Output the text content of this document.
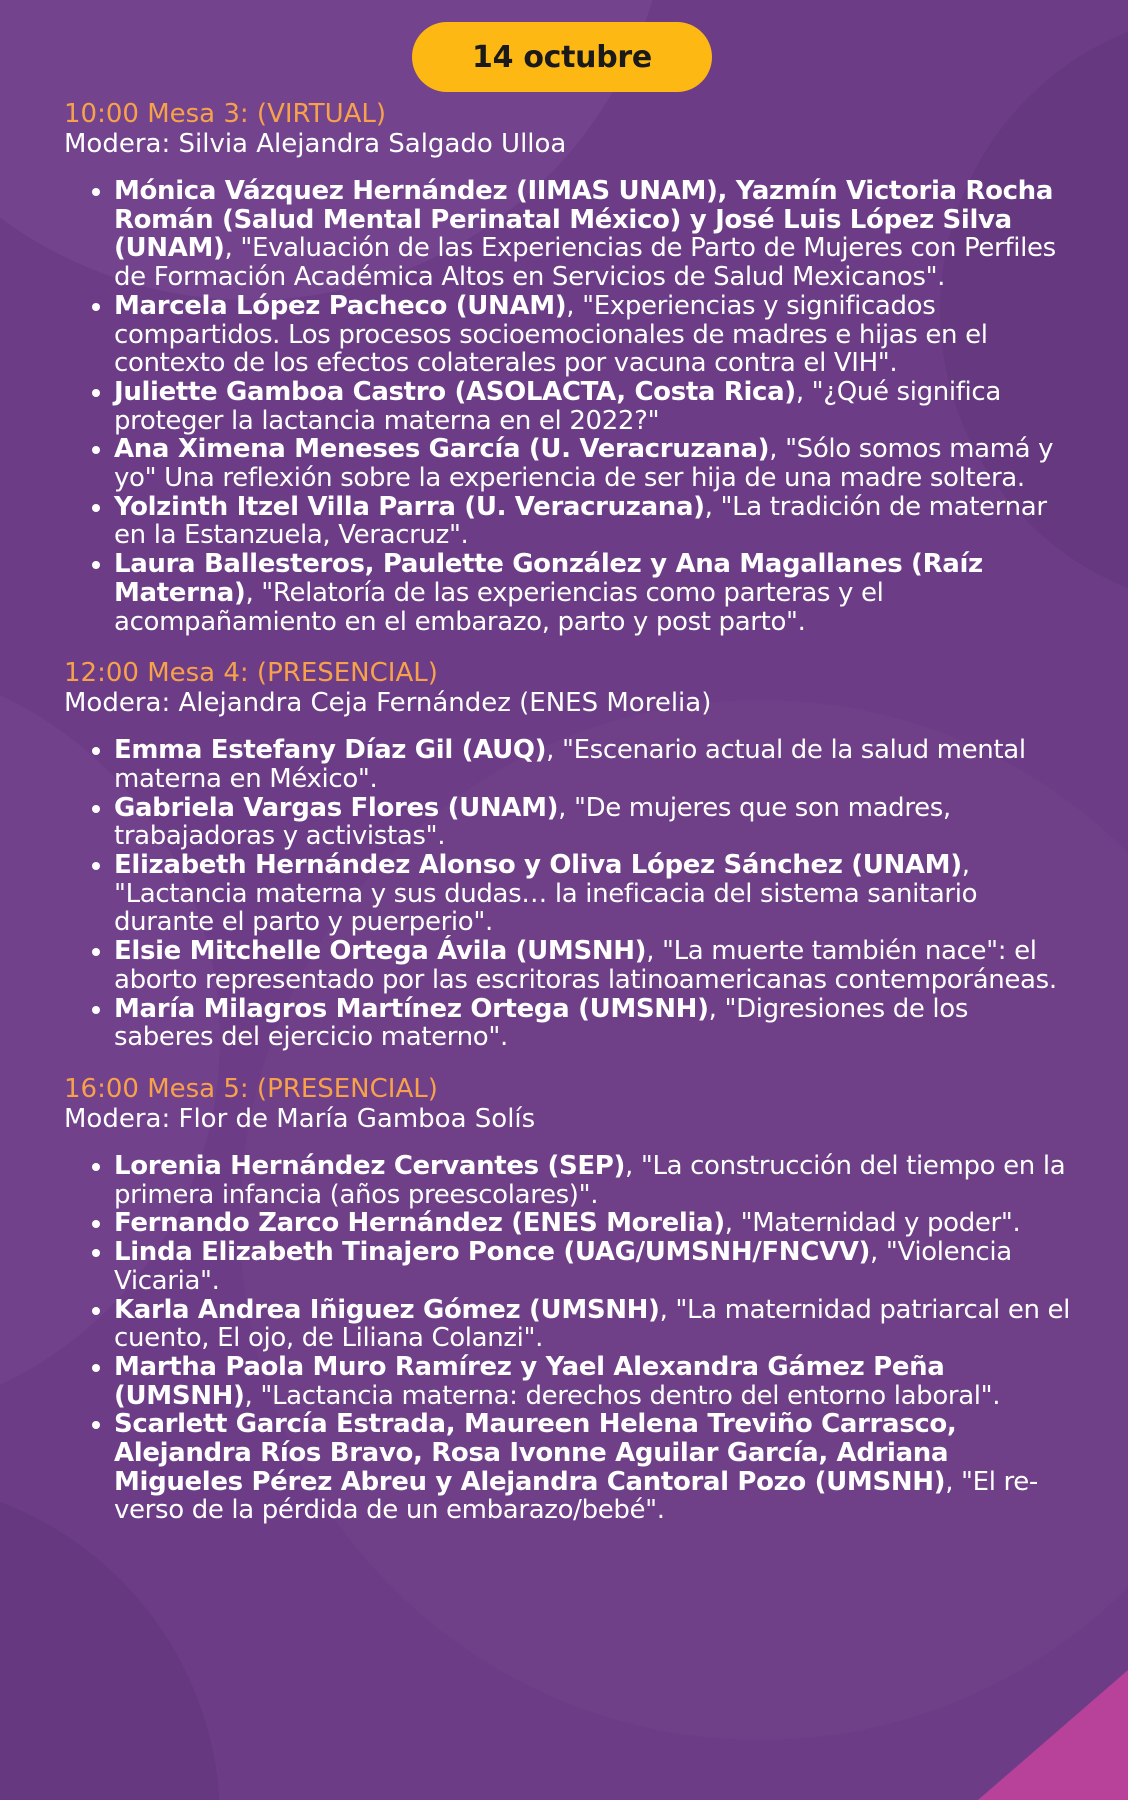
14 octubre
10:00 Mesa 3: (VIRTUAL)
Modera: Silvia Alejandra Salgado Ulloa
• Mónica Vázquez Hernández (IIMAS UNAM), Yazmín Victoria Rocha Román (Salud Mental Perinatal México) y José Luis López Silva (UNAM), "Evaluación de las Experiencias de Parto de Mujeres con Perfiles de Formación Académica Altos en Servicios de Salud Mexicanos".
• Marcela López Pacheco (UNAM), "Experiencias y significados compartidos. Los procesos socioemocionales de madres e hijas en el contexto de los efectos colaterales por vacuna contra el VIH".
• Juliette Gamboa Castro (ASOLACTA, Costa Rica), "¿Qué significa proteger la lactancia materna en el 2022?"
• Ana Ximena Meneses García (U. Veracruzana), "Sólo somos mamá y yo" Una reflexión sobre la experiencia de ser hija de una madre soltera.
• Yolzinth Itzel Villa Parra (U. Veracruzana), "La tradición de maternar en la Estanzuela, Veracruz".
• Laura Ballesteros, Paulette González y Ana Magallanes (Raíz Materna), "Relatoría de las experiencias como parteras y el acompañamiento en el embarazo, parto y post parto".
12:00 Mesa 4: (PRESENCIAL)
Modera: Alejandra Ceja Fernández (ENES Morelia)
• Emma Estefany Díaz Gil (AUQ), "Escenario actual de la salud mental materna en México".
• Gabriela Vargas Flores (UNAM), "De mujeres que son madres, trabajadoras y activistas".
• Elizabeth Hernández Alonso y Oliva López Sánchez (UNAM), "Lactancia materna y sus dudas… la ineficacia del sistema sanitario durante el parto y puerperio".
• Elsie Mitchelle Ortega Ávila (UMSNH), "La muerte también nace": el aborto representado por las escritoras latinoamericanas contemporáneas.
• María Milagros Martínez Ortega (UMSNH), "Digresiones de los saberes del ejercicio materno".
16:00 Mesa 5: (PRESENCIAL)
Modera: Flor de María Gamboa Solís
• Lorenia Hernández Cervantes (SEP), "La construcción del tiempo en la primera infancia (años preescolares)".
• Fernando Zarco Hernández (ENES Morelia), "Maternidad y poder".
• Linda Elizabeth Tinajero Ponce (UAG/UMSNH/FNCVV), "Violencia Vicaria".
• Karla Andrea Iñiguez Gómez (UMSNH), "La maternidad patriarcal en el cuento, El ojo, de Liliana Colanzi".
• Martha Paola Muro Ramírez y Yael Alexandra Gámez Peña (UMSNH), "Lactancia materna: derechos dentro del entorno laboral".
• Scarlett García Estrada, Maureen Helena Treviño Carrasco, Alejandra Ríos Bravo, Rosa Ivonne Aguilar García, Adriana Migueles Pérez Abreu y Alejandra Cantoral Pozo (UMSNH), "El re-verso de la pérdida de un embarazo/bebé".
